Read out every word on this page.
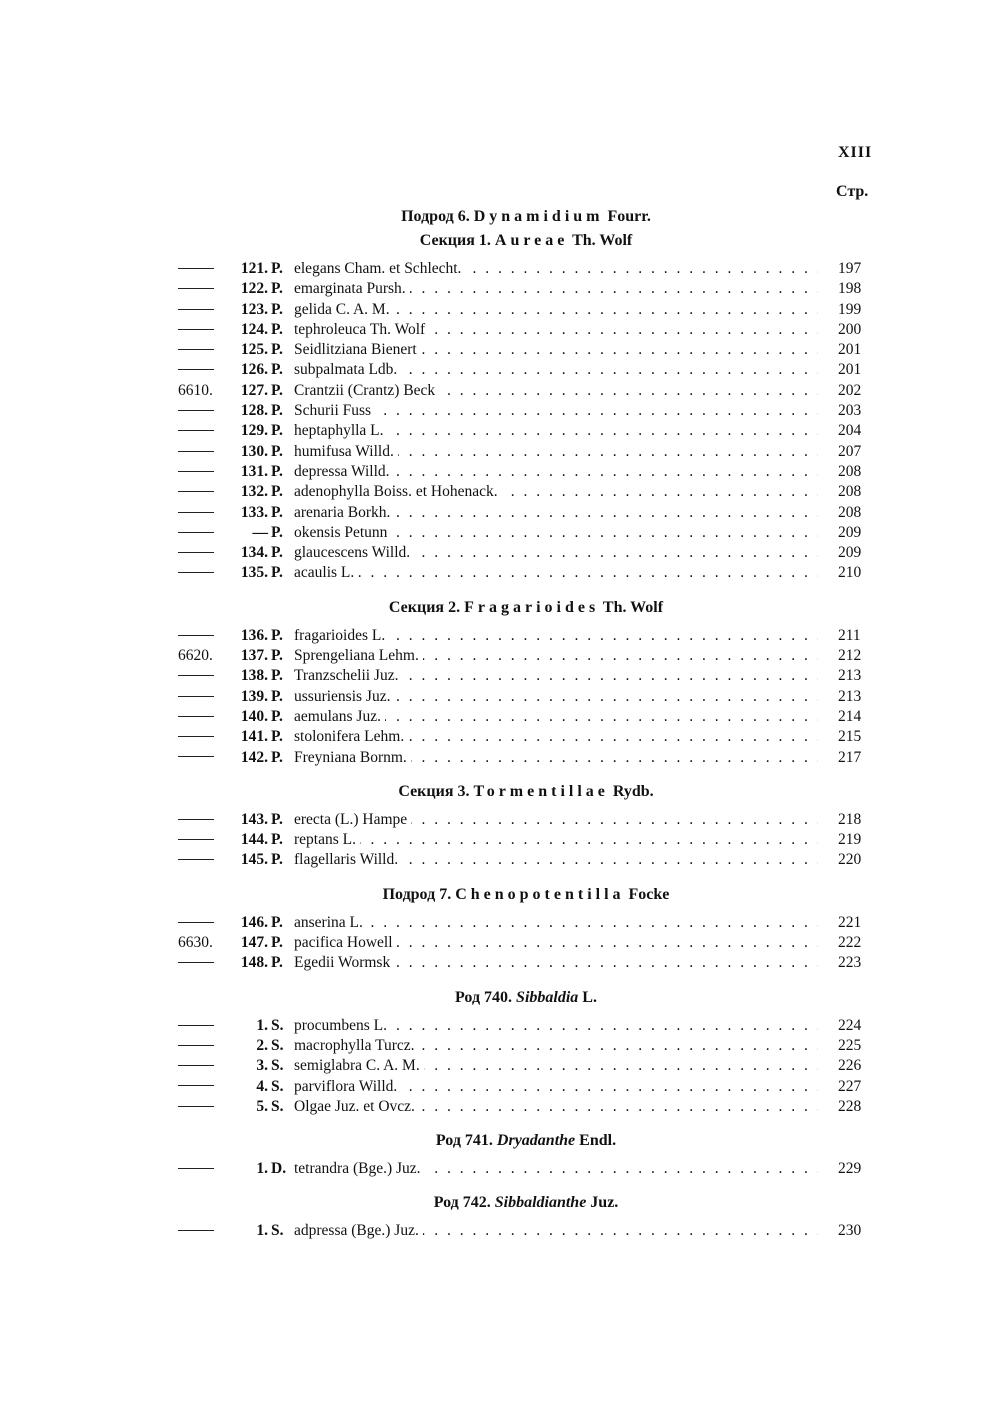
XIII
Стр.
Подрод 6. Dynamidium Fourr.
Секция 1. Aureae Th. Wolf
121. P. elegans Cham. et Schlecht. . . .	197
122. P. emarginata Pursh. . . .	198
123. P. gelida C. A. M. . . .	199
124. P. tephroleuca Th. Wolf . . .	200
125. P. Seidlitziana Bienert . . .	201
126. P. subpalmata Ldb. . . .	201
6610.	127. P. Crantzii (Crantz) Beck . . .	202
128. P. Schurii Fuss . . .	203
129. P. heptaphylla L. . . .	204
130. P. humifusa Willd. . . .	207
131. P. depressa Willd. . . .	208
132. P. adenophylla Boiss. et Hohenack. . . .	208
133. P. arenaria Borkh. . . .	208
— P. okensis Petunn . . .	209
134. P. glaucescens Willd. . . .	209
135. P. acaulis L. . . .	210
Секция 2. Fragarioides Th. Wolf
136. P. fragarioides L. . . .	211
6620.	137. P. Sprengeliana Lehm. . . .	212
138. P. Tranzschelii Juz. . . .	213
139. P. ussuriensis Juz. . . .	213
140. P. aemulans Juz. . . .	214
141. P. stolonifera Lehm. . . .	215
142. P. Freyniana Bornm. . . .	217
Секция 3. Tormentillae Rydb.
143. P. erecta (L.) Hampe . . .	218
144. P. reptans L. . . .	219
145. P. flagellaris Willd. . . .	220
Подрод 7. Chenopotentilla Focke
146. P. anserina L. . . .	221
6630.	147. P. pacifica Howell . . .	222
148. P. Egedii Wormsk . . .	223
Род 740. Sibbaldia L.
1. S. procumbens L. . . .	224
2. S. macrophylla Turcz. . . .	225
3. S. semiglabra C. A. M. . . .	226
4. S. parviflora Willd. . . .	227
5. S. Olgae Juz. et Ovcz. . . .	228
Род 741. Dryadanthe Endl.
1. D. tetrandra (Bge.) Juz. . . .	229
Род 742. Sibbaldianthe Juz.
1. S. adpressa (Bge.) Juz. . . .	230
